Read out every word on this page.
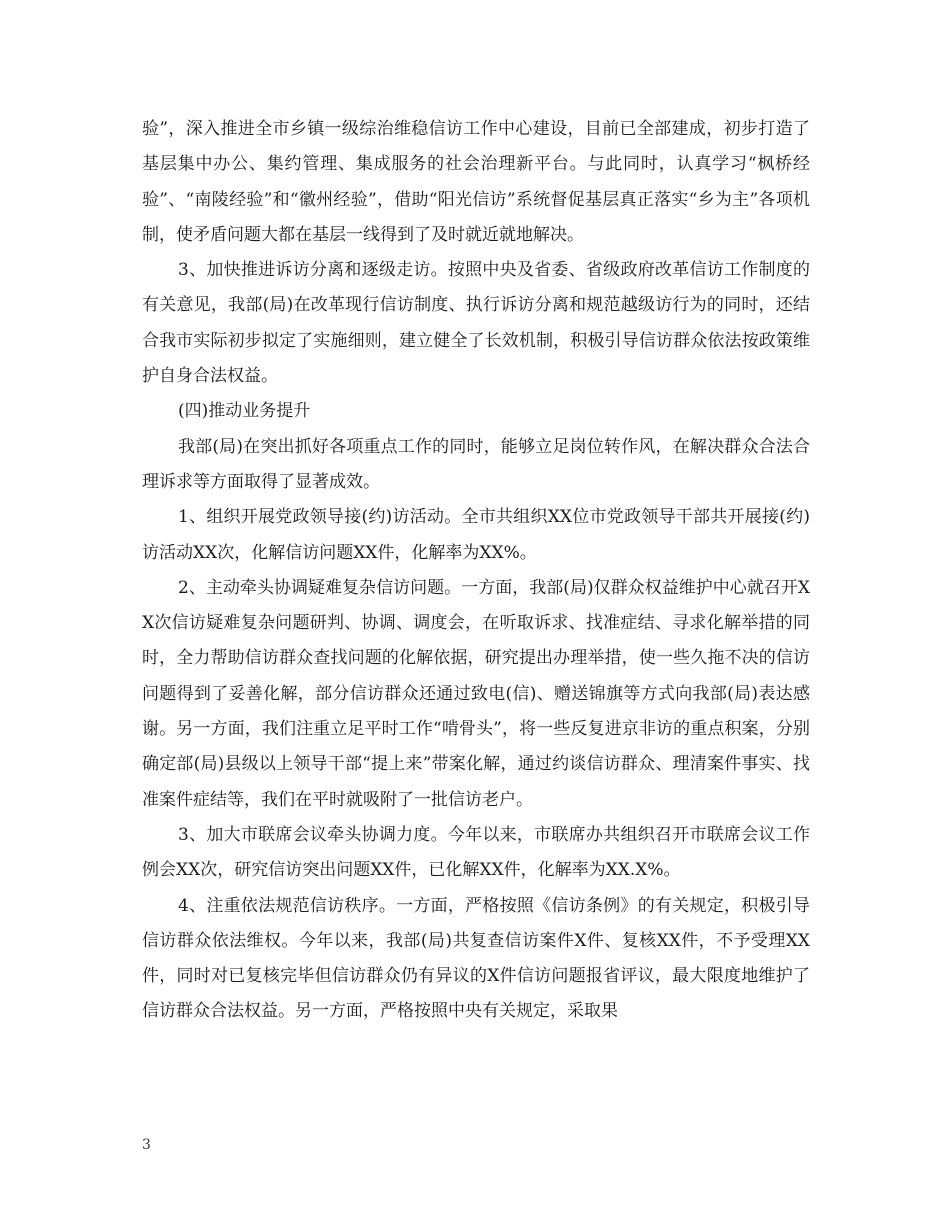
验”，深入推进全市乡镇一级综治维稳信访工作中心建设，目前已全部建成，初步打造了基层集中办公、集约管理、集成服务的社会治理新平台。与此同时，认真学习“枫桥经验”、“南陵经验”和“徽州经验”，借助“阳光信访”系统督促基层真正落实“乡为主”各项机制，使矛盾问题大都在基层一线得到了及时就近就地解决。

3、加快推进诉访分离和逐级走访。按照中央及省委、省级政府改革信访工作制度的有关意见，我部(局)在改革现行信访制度、执行诉访分离和规范越级访行为的同时，还结合我市实际初步拟定了实施细则，建立健全了长效机制，积极引导信访群众依法按政策维护自身合法权益。

(四)推动业务提升

我部(局)在突出抓好各项重点工作的同时，能够立足岗位转作风，在解决群众合法合理诉求等方面取得了显著成效。

1、组织开展党政领导接(约)访活动。全市共组织XX位市党政领导干部共开展接(约)访活动XX次，化解信访问题XX件，化解率为XX%。

2、主动牵头协调疑难复杂信访问题。一方面，我部(局)仅群众权益维护中心就召开XX次信访疑难复杂问题研判、协调、调度会，在听取诉求、找准症结、寻求化解举措的同时，全力帮助信访群众查找问题的化解依据，研究提出办理举措，使一些久拖不决的信访问题得到了妥善化解，部分信访群众还通过致电(信)、赠送锦旗等方式向我部(局)表达感谢。另一方面，我们注重立足平时工作“啃骨头”，将一些反复进京非访的重点积案，分别确定部(局)县级以上领导干部“提上来”带案化解，通过约谈信访群众、理清案件事实、找准案件症结等，我们在平时就吸附了一批信访老户。

3、加大市联席会议牵头协调力度。今年以来，市联席办共组织召开市联席会议工作例会XX次，研究信访突出问题XX件，已化解XX件，化解率为XX.X%。

4、注重依法规范信访秩序。一方面，严格按照《信访条例》的有关规定，积极引导信访群众依法维权。今年以来，我部(局)共复查信访案件X件、复核XX件，不予受理XX件，同时对已复核完毕但信访群众仍有异议的X件信访问题报省评议，最大限度地维护了信访群众合法权益。另一方面，严格按照中央有关规定，采取果

3
